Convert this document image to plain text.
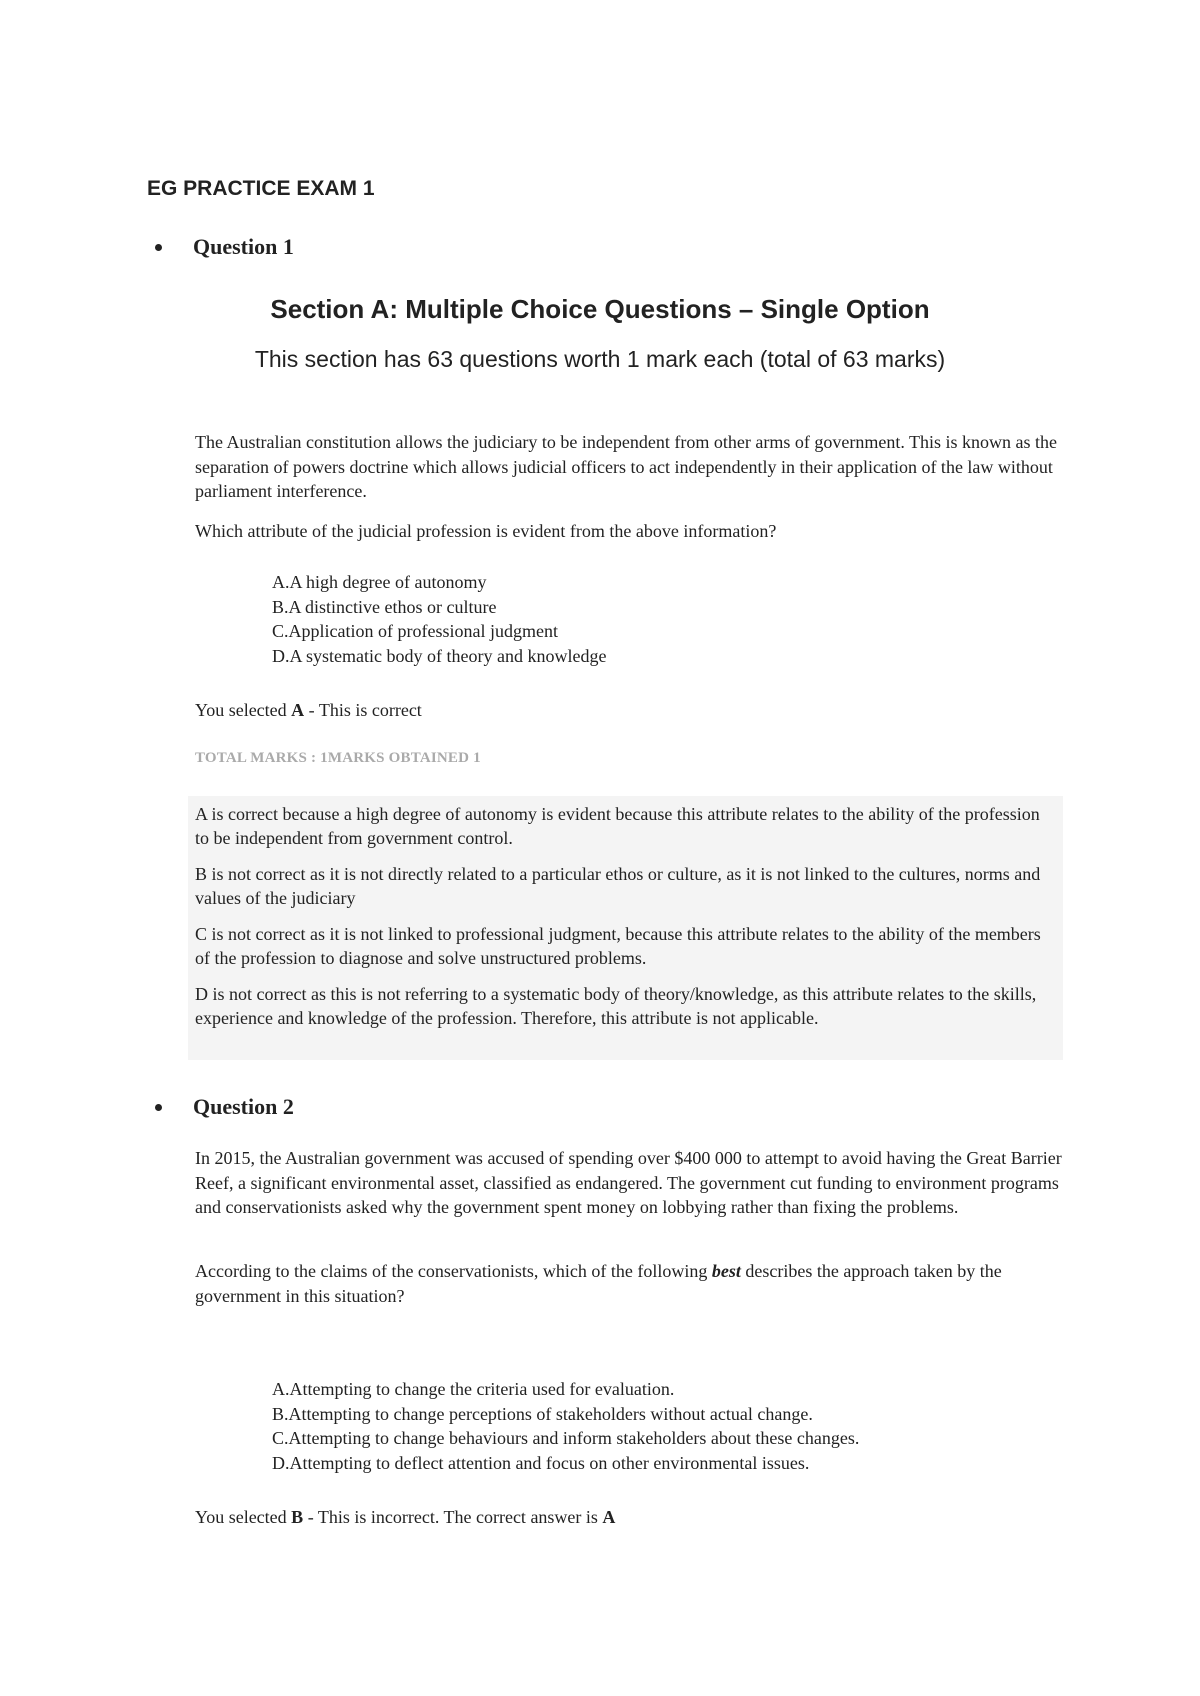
EG PRACTICE EXAM 1
Question 1
Section A: Multiple Choice Questions – Single Option
This section has 63 questions worth 1 mark each (total of 63 marks)
The Australian constitution allows the judiciary to be independent from other arms of government. This is known as the separation of powers doctrine which allows judicial officers to act independently in their application of the law without parliament interference.
Which attribute of the judicial profession is evident from the above information?
A.A high degree of autonomy
B.A distinctive ethos or culture
C.Application of professional judgment
D.A systematic body of theory and knowledge
You selected A - This is correct
TOTAL MARKS : 1MARKS OBTAINED 1

A is correct because a high degree of autonomy is evident because this attribute relates to the ability of the profession to be independent from government control.

B is not correct as it is not directly related to a particular ethos or culture, as it is not linked to the cultures, norms and values of the judiciary

C is not correct as it is not linked to professional judgment, because this attribute relates to the ability of the members of the profession to diagnose and solve unstructured problems.

D is not correct as this is not referring to a systematic body of theory/knowledge, as this attribute relates to the skills, experience and knowledge of the profession. Therefore, this attribute is not applicable.

Question 2
In 2015, the Australian government was accused of spending over $400 000 to attempt to avoid having the Great Barrier Reef, a significant environmental asset, classified as endangered. The government cut funding to environment programs and conservationists asked why the government spent money on lobbying rather than fixing the problems.
According to the claims of the conservationists, which of the following best describes the approach taken by the government in this situation?
A.Attempting to change the criteria used for evaluation.
B.Attempting to change perceptions of stakeholders without actual change.
C.Attempting to change behaviours and inform stakeholders about these changes.
D.Attempting to deflect attention and focus on other environmental issues.
You selected B - This is incorrect. The correct answer is A
